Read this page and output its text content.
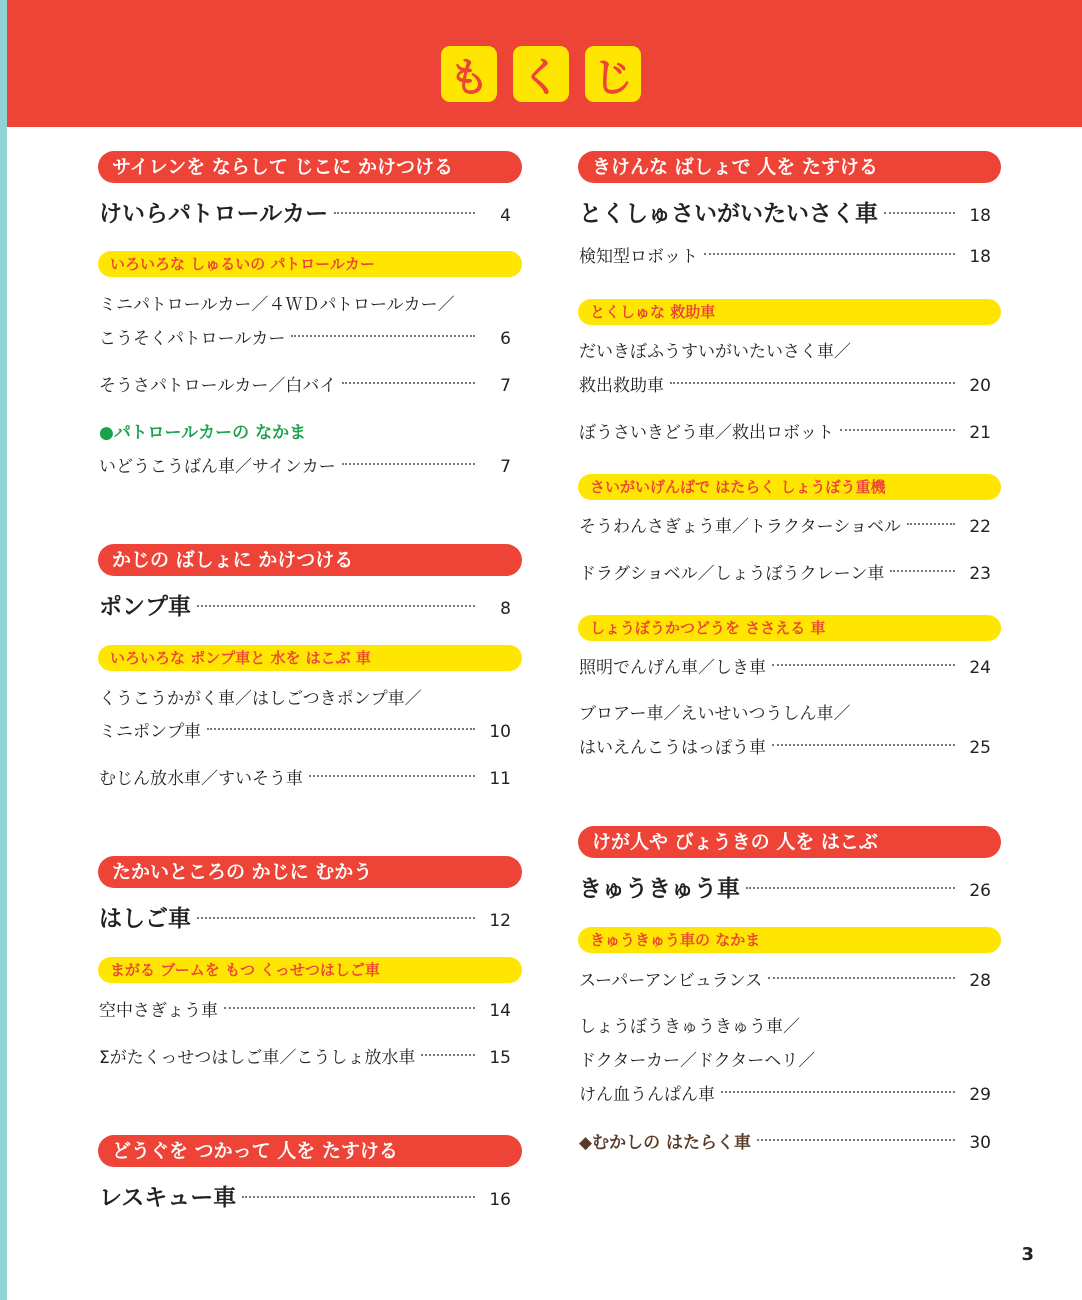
も く じ
サイレンを ならして じこに かけつける
けいらパトロールカー	4
いろいろな しゅるいの パトロールカー
ミニパトロールカー／４ＷＤパトロールカー／
こうそくパトロールカー	6
そうさパトロールカー／白バイ	7
●パトロールカーの なかま
いどうこうばん車／サインカー	7
かじの ばしょに かけつける
ポンプ車	8
いろいろな ポンプ車と 水を はこぶ 車
くうこうかがく車／はしごつきポンプ車／
ミニポンプ車	10
むじん放水車／すいそう車	11
たかいところの かじに むかう
はしご車	12
まがる ブームを もつ くっせつはしご車
空中さぎょう車	14
Σがたくっせつはしご車／こうしょ放水車	15
どうぐを つかって 人を たすける
レスキュー車	16
きけんな ばしょで 人を たすける
とくしゅさいがいたいさく車	18
検知型ロボット	18
とくしゅな 救助車
だいきぼふうすいがいたいさく車／
救出救助車	20
ぼうさいきどう車／救出ロボット	21
さいがいげんばで はたらく しょうぼう重機
そうわんさぎょう車／トラクターショベル	22
ドラグショベル／しょうぼうクレーン車	23
しょうぼうかつどうを ささえる 車
照明でんげん車／しき車	24
ブロアー車／えいせいつうしん車／
はいえんこうはっぽう車	25
けが人や びょうきの 人を はこぶ
きゅうきゅう車	26
きゅうきゅう車の なかま
スーパーアンビュランス	28
しょうぼうきゅうきゅう車／
ドクターカー／ドクターヘリ／
けん血うんぱん車	29
◆むかしの はたらく車	30
3
